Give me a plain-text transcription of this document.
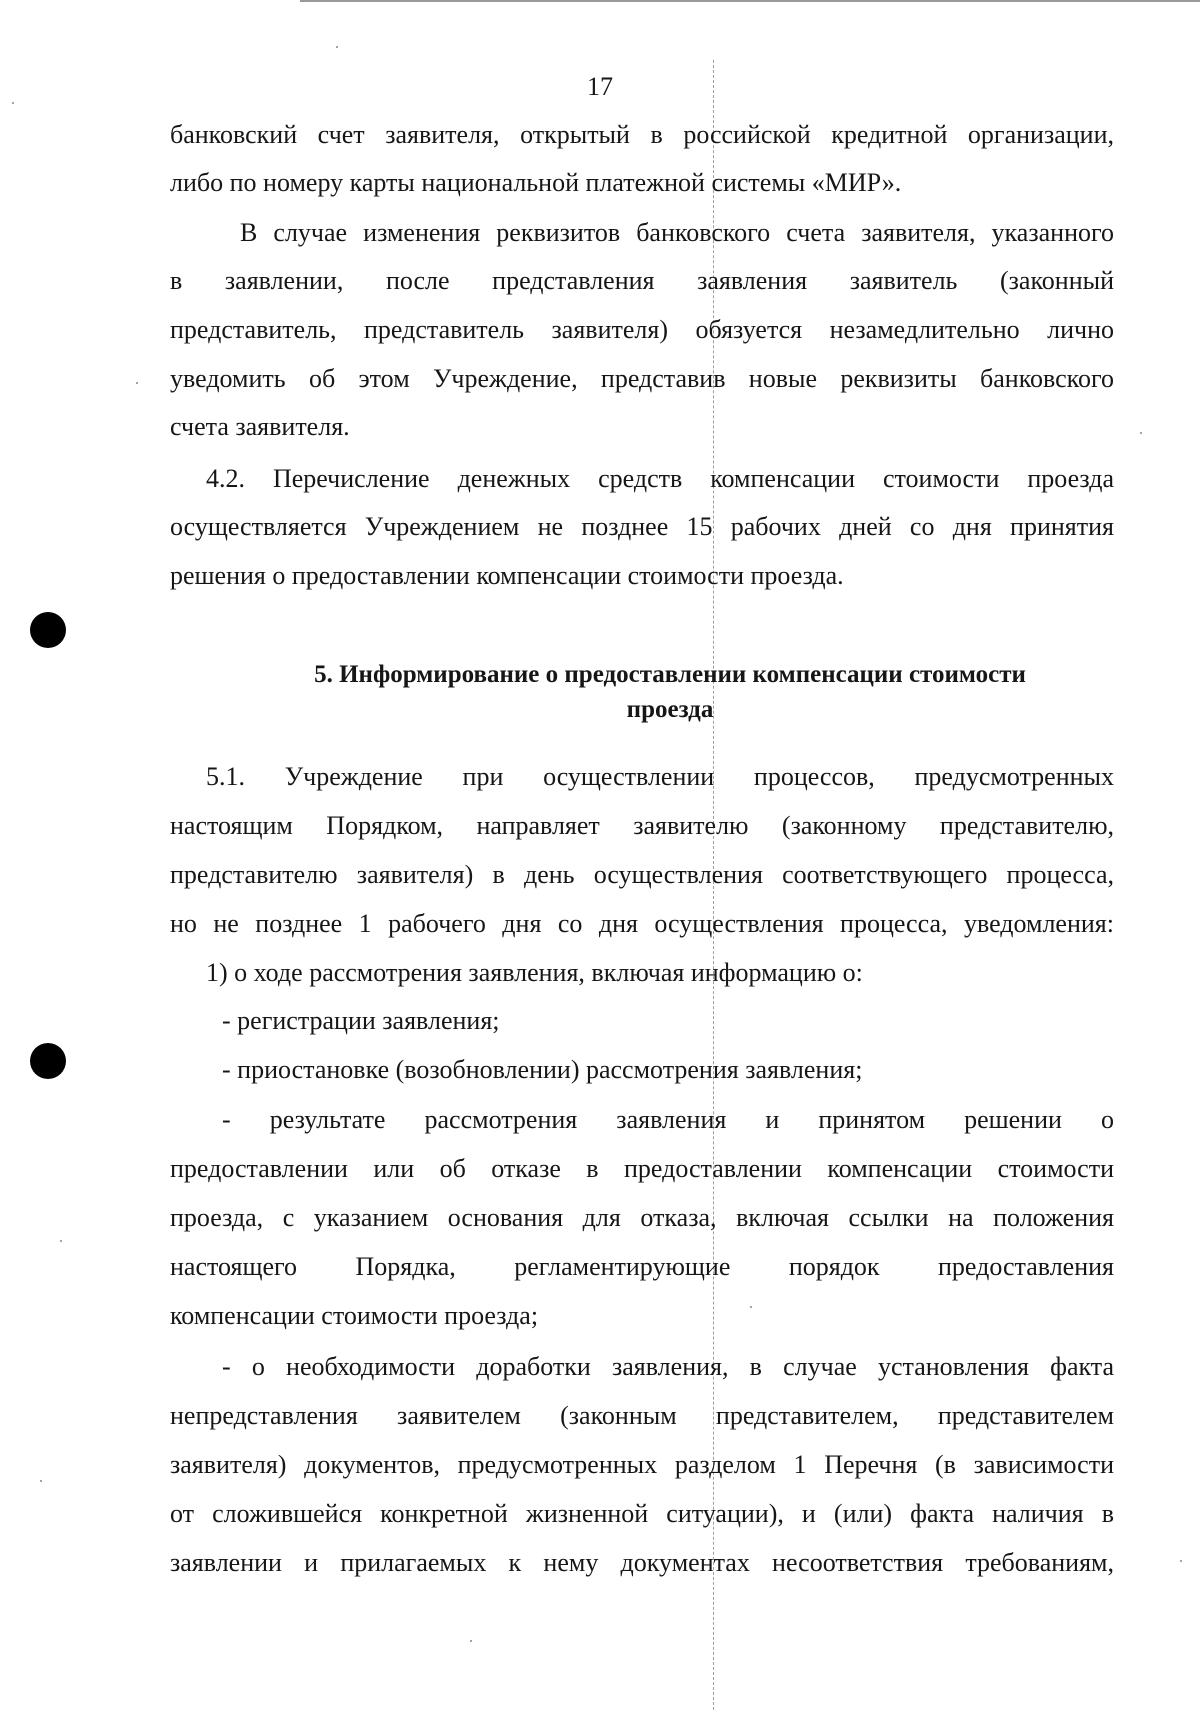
17
банковский счет заявителя, открытый в российской кредитной организации,
либо по номеру карты национальной платежной системы «МИР».
В случае изменения реквизитов банковского счета заявителя, указанного
в заявлении, после представления заявления заявитель (законный
представитель, представитель заявителя) обязуется незамедлительно лично
уведомить об этом Учреждение, представив новые реквизиты банковского
счета заявителя.
4.2. Перечисление денежных средств компенсации стоимости проезда
осуществляется Учреждением не позднее 15 рабочих дней со дня принятия
решения о предоставлении компенсации стоимости проезда.
5. Информирование о предоставлении компенсации стоимости
проезда
5.1. Учреждение при осуществлении процессов, предусмотренных
настоящим Порядком, направляет заявителю (законному представителю,
представителю заявителя) в день осуществления соответствующего процесса,
но не позднее 1 рабочего дня со дня осуществления процесса, уведомления:
1) о ходе рассмотрения заявления, включая информацию о:
- регистрации заявления;
- приостановке (возобновлении) рассмотрения заявления;
- результате рассмотрения заявления и принятом решении о
предоставлении или об отказе в предоставлении компенсации стоимости
проезда, с указанием основания для отказа, включая ссылки на положения
настоящего Порядка, регламентирующие порядок предоставления
компенсации стоимости проезда;
- о необходимости доработки заявления, в случае установления факта
непредставления заявителем (законным представителем, представителем
заявителя) документов, предусмотренных разделом 1 Перечня (в зависимости
от сложившейся конкретной жизненной ситуации), и (или) факта наличия в
заявлении и прилагаемых к нему документах несоответствия требованиям,
